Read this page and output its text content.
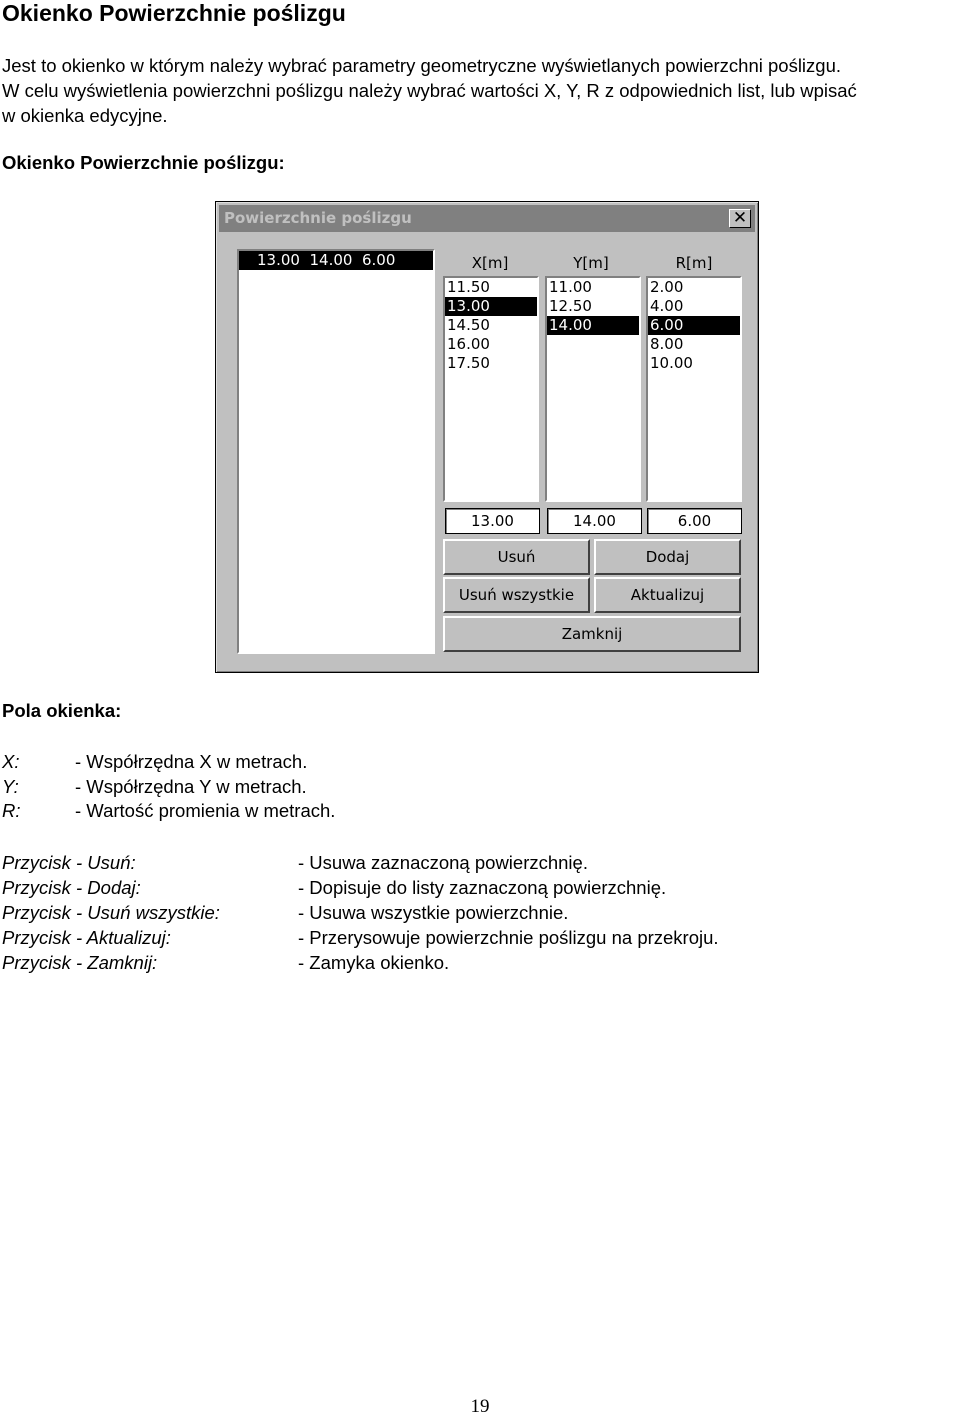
Okienko Powierzchnie poślizgu
Jest to okienko w którym należy wybrać parametry geometryczne wyświetlanych powierzchni poślizgu.
W celu wyświetlenia powierzchni poślizgu należy wybrać wartości X, Y, R z odpowiednich list, lub wpisać
w okienka edycyjne.
Okienko Powierzchnie poślizgu:
Powierzchnie poślizgu	✕
13.00 14.00 6.00	X[m]	Y[m]	R[m]
11.50
13.00
14.50
16.00
17.50
11.00
12.50
14.00
2.00
4.00
6.00
8.00
10.00
13.00	14.00	6.00
Usuń	Dodaj
Usuń wszystkie	Aktualizuj
Zamknij
Pola okienka:
X:	- Współrzędna X w metrach.
Y:	- Współrzędna Y w metrach.
R:	- Wartość promienia w metrach.
Przycisk - Usuń:	- Usuwa zaznaczoną powierzchnię.
Przycisk - Dodaj:	- Dopisuje do listy zaznaczoną powierzchnię.
Przycisk - Usuń wszystkie:	- Usuwa wszystkie powierzchnie.
Przycisk - Aktualizuj:	- Przerysowuje powierzchnie poślizgu na przekroju.
Przycisk - Zamknij:	- Zamyka okienko.
19
